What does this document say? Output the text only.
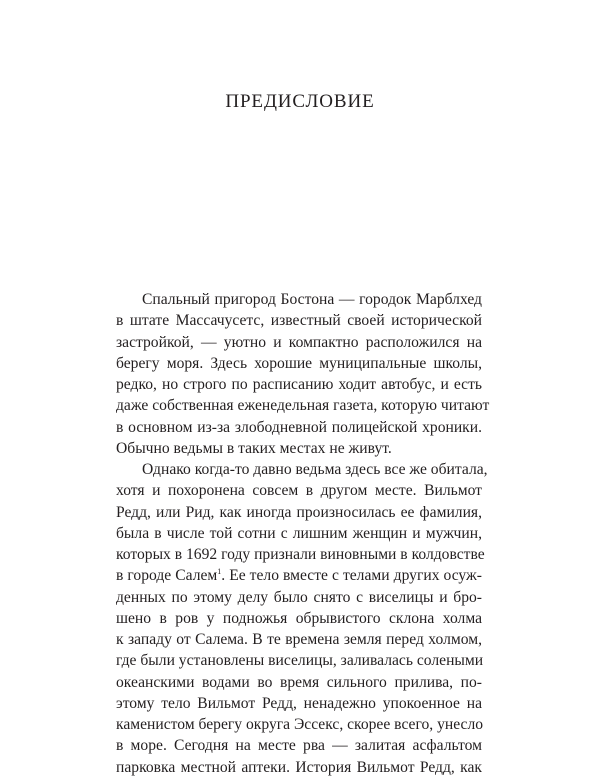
ПРЕДИСЛОВИЕ
Спальный пригород Бостона — городок Марблхед
в штате Массачусетс, известный своей исторической
застройкой, — уютно и компактно расположился на
берегу моря. Здесь хорошие муниципальные школы,
редко, но строго по расписанию ходит автобус, и есть
даже собственная еженедельная газета, которую читают
в основном из-за злободневной полицейской хроники.
Обычно ведьмы в таких местах не живут.
Однако когда-то давно ведьма здесь все же обитала,
хотя и похоронена совсем в другом месте. Вильмот
Редд, или Рид, как иногда произносилась ее фамилия,
была в числе той сотни с лишним женщин и мужчин,
которых в 1692 году признали виновными в колдовстве
в городе Салем$^1$. Ее тело вместе с телами других осуж-
денных по этому делу было снято с виселицы и бро-
шено в ров у подножья обрывистого склона холма
к западу от Салема. В те времена земля перед холмом,
где были установлены виселицы, заливалась солеными
океанскими водами во время сильного прилива, по-
этому тело Вильмот Редд, ненадежно упокоенное на
каменистом берегу округа Эссекс, скорее всего, унесло
в море. Сегодня на месте рва — залитая асфальтом
парковка местной аптеки. История Вильмот Редд, как
